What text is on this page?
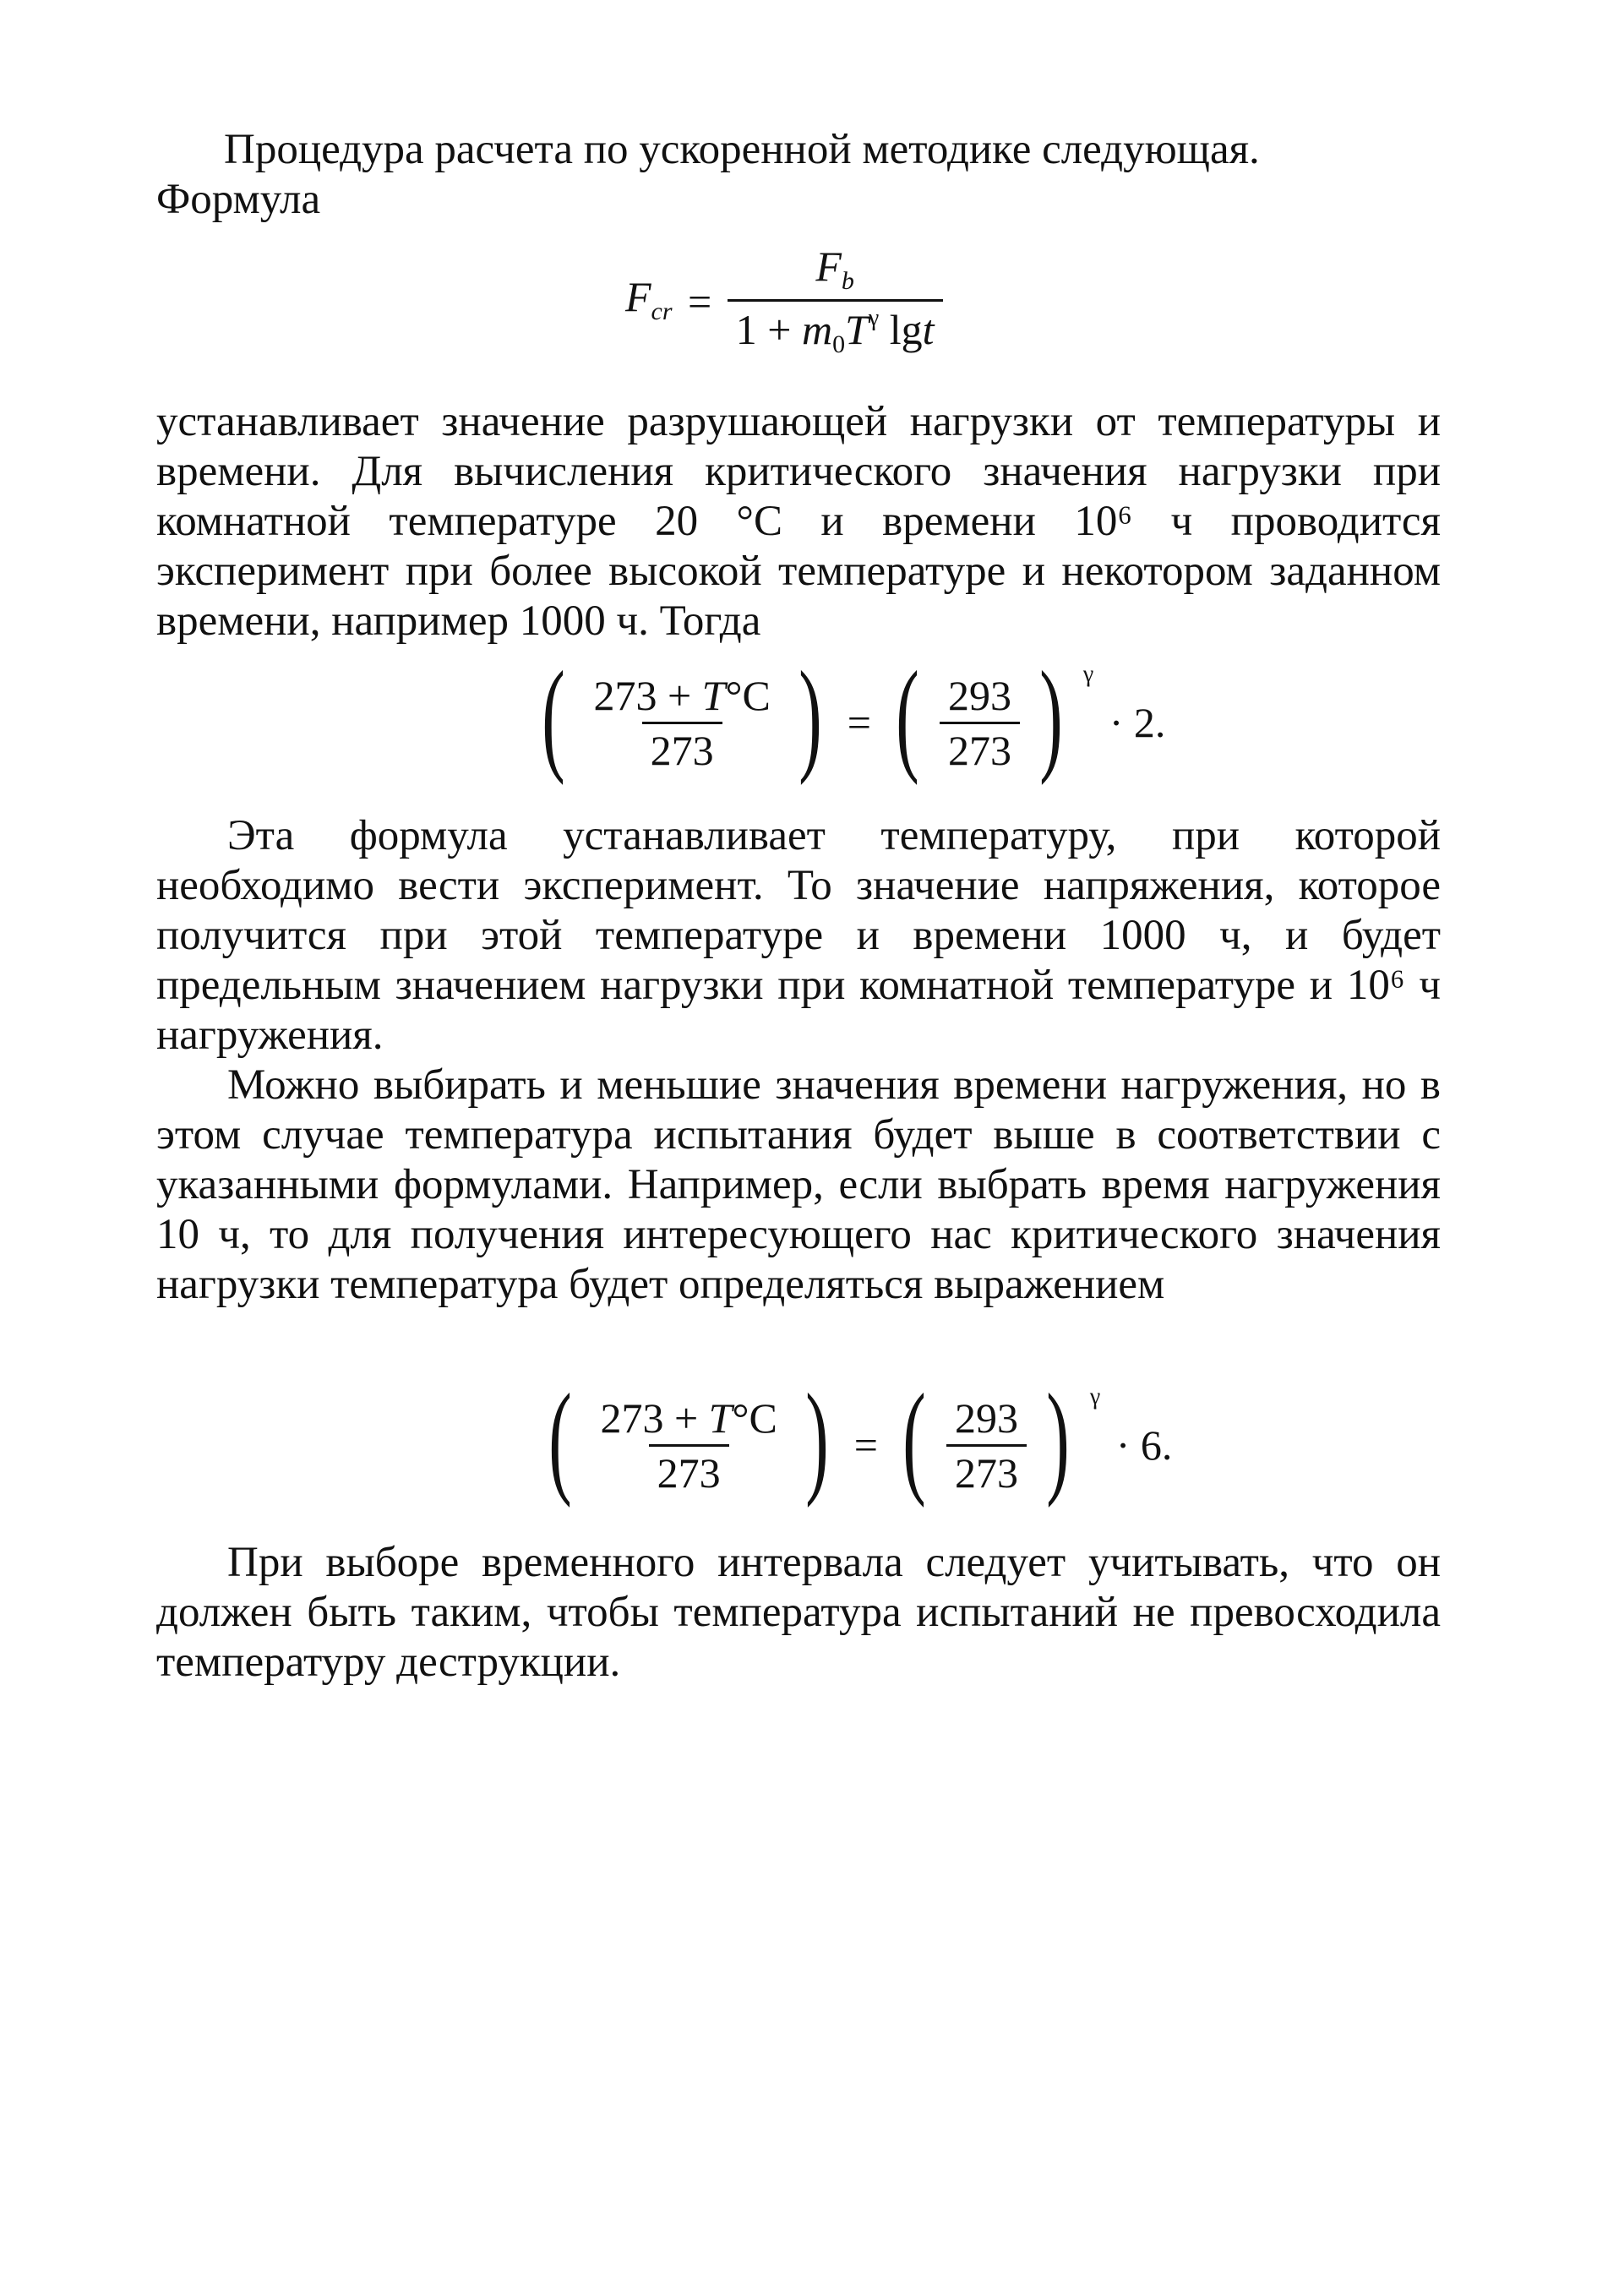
Процедура расчета по ускоренной методике следующая.
Формула

$F_{cr} = \frac{F_b}{1 + m_0T^\gamma \lg t}$

устанавливает значение разрушающей нагрузки от температуры и времени. Для вычисления критического значения нагрузки при комнатной температуре 20 °С и времени 10⁶ ч проводится эксперимент при более высокой температуре и некотором заданном времени, например 1000 ч. Тогда

( $\frac{273 + T^\circ C}{273}$ ) = ( $\frac{293}{273}$ ) $^\gamma$ · 2.

Эта формула устанавливает температуру, при которой необходимо вести эксперимент. То значение напряжения, которое получится при этой температуре и времени 1000 ч, и будет предельным значением нагрузки при комнатной температуре и 10⁶ ч нагружения.

Можно выбирать и меньшие значения времени нагружения, но в этом случае температура испытания будет выше в соответствии с указанными формулами. Например, если выбрать время нагружения 10 ч, то для получения интересующего нас критического значения нагрузки температура будет определяться выражением

( $\frac{273 + T^\circ C}{273}$ ) = ( $\frac{293}{273}$ ) $^\gamma$ · 6.

При выборе временного интервала следует учитывать, что он должен быть таким, чтобы температура испытаний не превосходила температуру деструкции.
